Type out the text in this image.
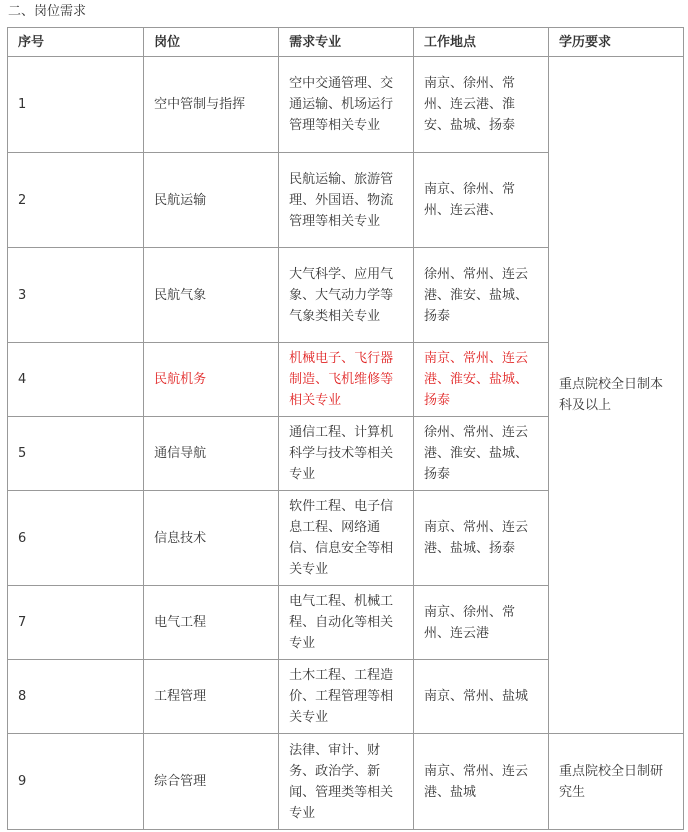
二、岗位需求
序号	岗位	需求专业	工作地点	学历要求
1	空中管制与指挥	空中交通管理、交通运输、机场运行管理等相关专业	南京、徐州、常州、连云港、淮安、盐城、扬泰	重点院校全日制本科及以上
2	民航运输	民航运输、旅游管理、外国语、物流管理等相关专业	南京、徐州、常州、连云港、	
3	民航气象	大气科学、应用气象、大气动力学等气象类相关专业	徐州、常州、连云港、淮安、盐城、扬泰	
4	民航机务	机械电子、飞行器制造、飞机维修等相关专业	南京、常州、连云港、淮安、盐城、扬泰	
5	通信导航	通信工程、计算机科学与技术等相关专业	徐州、常州、连云港、淮安、盐城、扬泰	
6	信息技术	软件工程、电子信息工程、网络通信、信息安全等相关专业	南京、常州、连云港、盐城、扬泰	
7	电气工程	电气工程、机械工程、自动化等相关专业	南京、徐州、常州、连云港	
8	工程管理	土木工程、工程造价、工程管理等相关专业	南京、常州、盐城	
9	综合管理	法律、审计、财务、政治学、新闻、管理类等相关专业	南京、常州、连云港、盐城	重点院校全日制研究生
